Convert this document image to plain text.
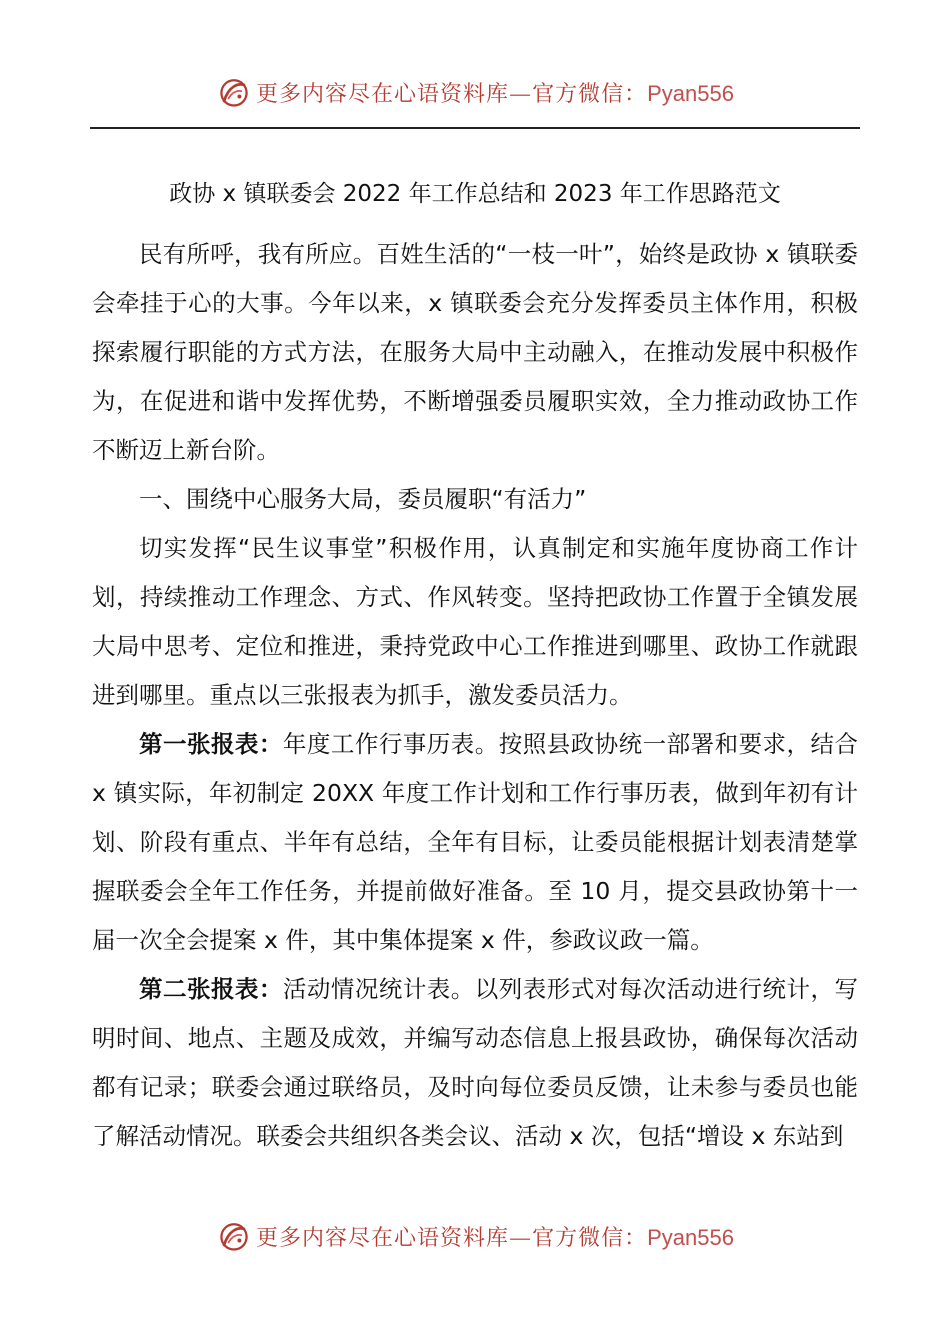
更多内容尽在心语资料库—官方微信：Pyan556
政协 x 镇联委会 2022 年工作总结和 2023 年工作思路范文

民有所呼，我有所应。百姓生活的“一枝一叶”，始终是政协 x 镇联委会牵挂于心的大事。今年以来，x 镇联委会充分发挥委员主体作用，积极探索履行职能的方式方法，在服务大局中主动融入，在推动发展中积极作为，在促进和谐中发挥优势，不断增强委员履职实效，全力推动政协工作不断迈上新台阶。

一、围绕中心服务大局，委员履职“有活力”

切实发挥“民生议事堂”积极作用，认真制定和实施年度协商工作计划，持续推动工作理念、方式、作风转变。坚持把政协工作置于全镇发展大局中思考、定位和推进，秉持党政中心工作推进到哪里、政协工作就跟进到哪里。重点以三张报表为抓手，激发委员活力。

第一张报表：年度工作行事历表。按照县政协统一部署和要求，结合 x 镇实际，年初制定 20XX 年度工作计划和工作行事历表，做到年初有计划、阶段有重点、半年有总结，全年有目标，让委员能根据计划表清楚掌握联委会全年工作任务，并提前做好准备。至 10 月，提交县政协第十一届一次全会提案 x 件，其中集体提案 x 件，参政议政一篇。

第二张报表：活动情况统计表。以列表形式对每次活动进行统计，写明时间、地点、主题及成效，并编写动态信息上报县政协，确保每次活动都有记录；联委会通过联络员，及时向每位委员反馈，让未参与委员也能了解活动情况。联委会共组织各类会议、活动 x 次，包括“增设 x 东站到

更多内容尽在心语资料库—官方微信：Pyan556
